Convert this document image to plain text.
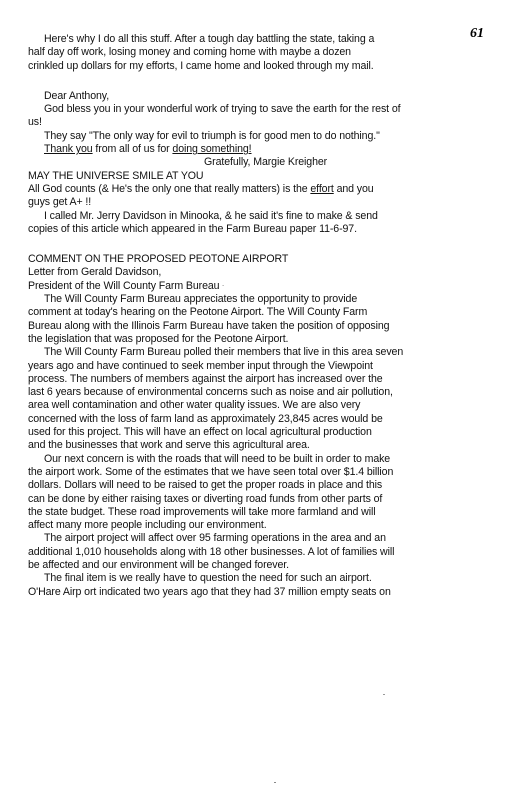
61
Here's why I do all this stuff. After a tough day battling the state, taking a
half day off work, losing money and coming home with maybe a dozen
crinkled up dollars for my efforts, I came home and looked through my mail.
Dear Anthony,
God bless you in your wonderful work of trying to save the earth for the rest of
us!
They say "The only way for evil to triumph is for good men to do nothing."
Thank you from all of us for doing something!
Gratefully, Margie Kreigher
MAY THE UNIVERSE SMILE AT YOU
All God counts (& He's the only one that really matters) is the effort and you
guys get A+ !!
I called Mr. Jerry Davidson in Minooka, & he said it's fine to make & send
copies of this article which appeared in the Farm Bureau paper 11-6-97.
COMMENT ON THE PROPOSED PEOTONE AIRPORT
Letter from Gerald Davidson,
President of the Will County Farm Bureau
The Will County Farm Bureau appreciates the opportunity to provide
comment at today's hearing on the Peotone Airport. The Will County Farm
Bureau along with the Illinois Farm Bureau have taken the position of opposing
the legislation that was proposed for the Peotone Airport.
The Will County Farm Bureau polled their members that live in this area seven
years ago and have continued to seek member input through the Viewpoint
process. The numbers of members against the airport has increased over the
last 6 years because of environmental concerns such as noise and air pollution,
area well contamination and other water quality issues. We are also very
concerned with the loss of farm land as approximately 23,845 acres would be
used for this project. This will have an effect on local agricultural production
and the businesses that work and serve this agricultural area.
Our next concern is with the roads that will need to be built in order to make
the airport work. Some of the estimates that we have seen total over $1.4 billion
dollars. Dollars will need to be raised to get the proper roads in place and this
can be done by either raising taxes or diverting road funds from other parts of
the state budget. These road improvements will take more farmland and will
affect many more people including our environment.
The airport project will affect over 95 farming operations in the area and an
additional 1,010 households along with 18 other businesses. A lot of families will
be affected and our environment will be changed forever.
The final item is we really have to question the need for such an airport.
O'Hare Airp ort indicated two years ago that they had 37 million empty seats on
˙
